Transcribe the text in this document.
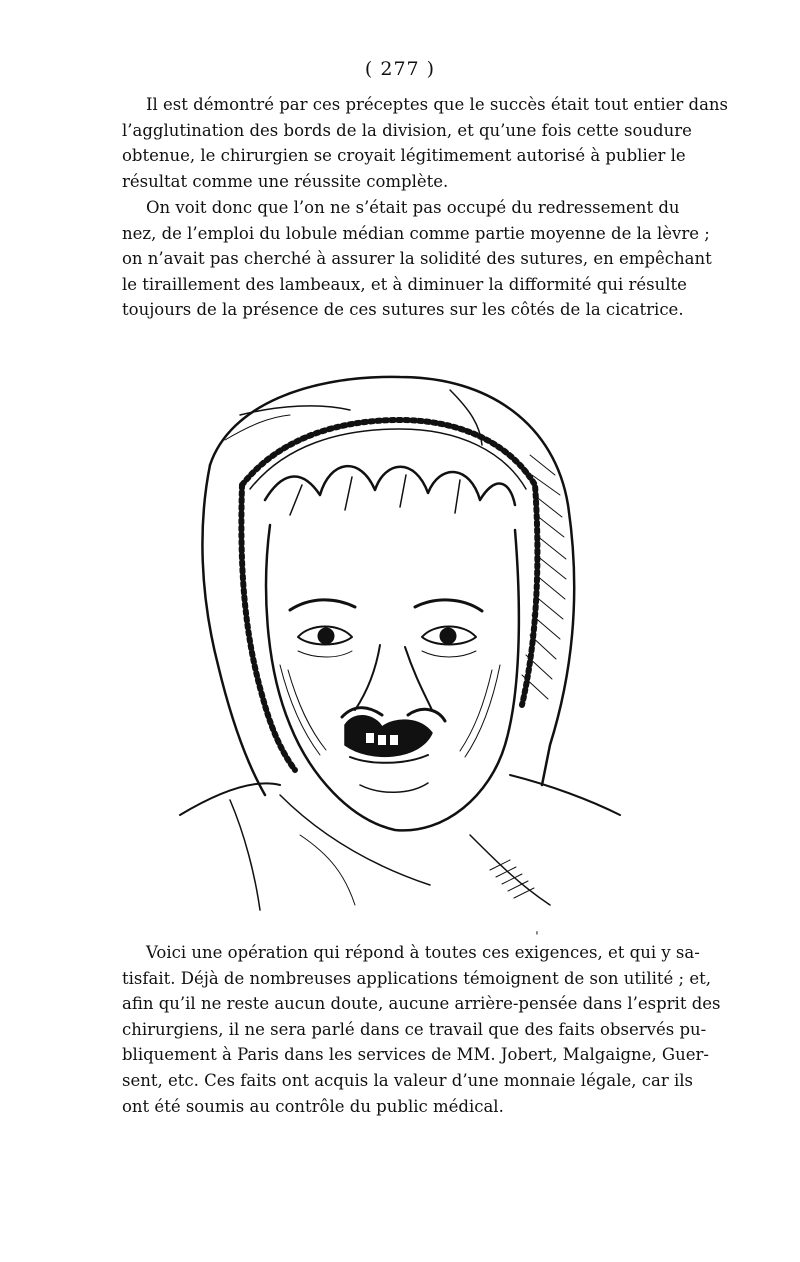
( 277 )

Il est démontré par ces préceptes que le succès était tout entier dans
l’agglutination des bords de la division, et qu’une fois cette soudure
obtenue, le chirurgien se croyait légitimement autorisé à publier le
résultat comme une réussite complète.

On voit donc que l’on ne s’était pas occupé du redressement du
nez, de l’emploi du lobule médian comme partie moyenne de la lèvre ;
on n’avait pas cherché à assurer la solidité des sutures, en empêchant
le tiraillement des lambeaux, et à diminuer la difformité qui résulte
toujours de la présence de ces sutures sur les côtés de la cicatrice.

ˌ

Voici une opération qui répond à toutes ces exigences, et qui y sa-
tisfait. Déjà de nombreuses applications témoignent de son utilité ; et,
afin qu’il ne reste aucun doute, aucune arrière-pensée dans l’esprit des
chirurgiens, il ne sera parlé dans ce travail que des faits observés pu-
bliquement à Paris dans les services de MM. Jobert, Malgaigne, Guer-
sent, etc. Ces faits ont acquis la valeur d’une monnaie légale, car ils
ont été soumis au contrôle du public médical.
